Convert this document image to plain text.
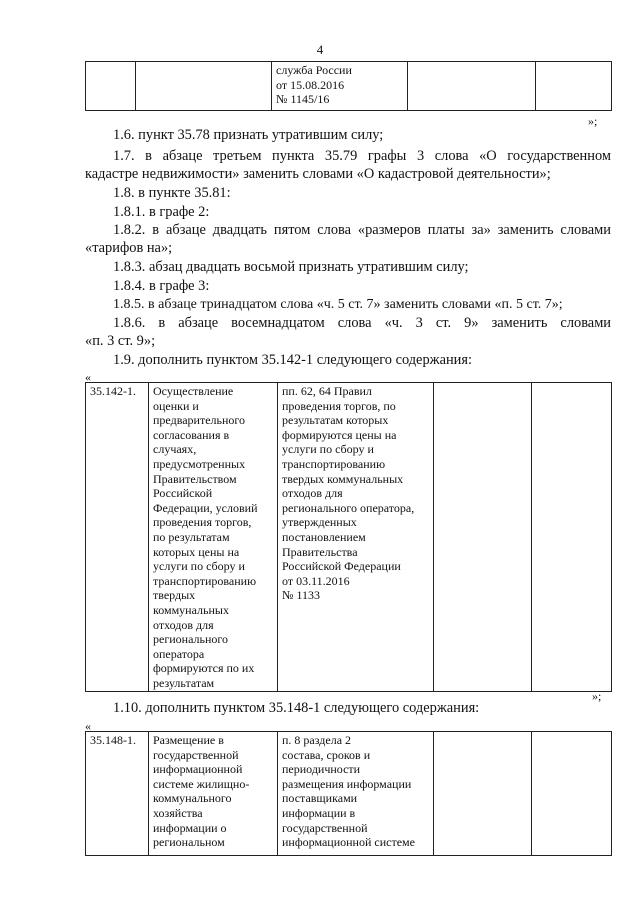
4
		служба России
от 15.08.2016
№ 1145/16		
»;
1.6. пункт 35.78 признать утратившим силу;
1.7. в абзаце третьем пункта 35.79 графы 3 слова «О государственном
кадастре недвижимости» заменить словами «О кадастровой деятельности»;
1.8. в пункте 35.81:
1.8.1. в графе 2:
1.8.2. в абзаце двадцать пятом слова «размеров платы за» заменить словами
«тарифов на»;
1.8.3. абзац двадцать восьмой признать утратившим силу;
1.8.4. в графе 3:
1.8.5. в абзаце тринадцатом слова «ч. 5 ст. 7» заменить словами «п. 5 ст. 7»;
1.8.6. в абзаце восемнадцатом слова «ч. 3 ст. 9» заменить словами
«п. 3 ст. 9»;
1.9. дополнить пунктом 35.142-1 следующего содержания:
«
35.142-1.	Осуществление
оценки и
предварительного
согласования в
случаях,
предусмотренных
Правительством
Российской
Федерации, условий
проведения торгов,
по результатам
которых цены на
услуги по сбору и
транспортированию
твердых
коммунальных
отходов для
регионального
оператора
формируются по их
результатам	пп. 62, 64 Правил
проведения торгов, по
результатам которых
формируются цены на
услуги по сбору и
транспортированию
твердых коммунальных
отходов для
регионального оператора,
утвержденных
постановлением
Правительства
Российской Федерации
от 03.11.2016
№ 1133		
»;
1.10. дополнить пунктом 35.148-1 следующего содержания:
«
35.148-1.	Размещение в
государственной
информационной
системе жилищно-
коммунального
хозяйства
информации о
региональном	п. 8 раздела 2
состава, сроков и
периодичности
размещения информации
поставщиками
информации в
государственной
информационной системе		
